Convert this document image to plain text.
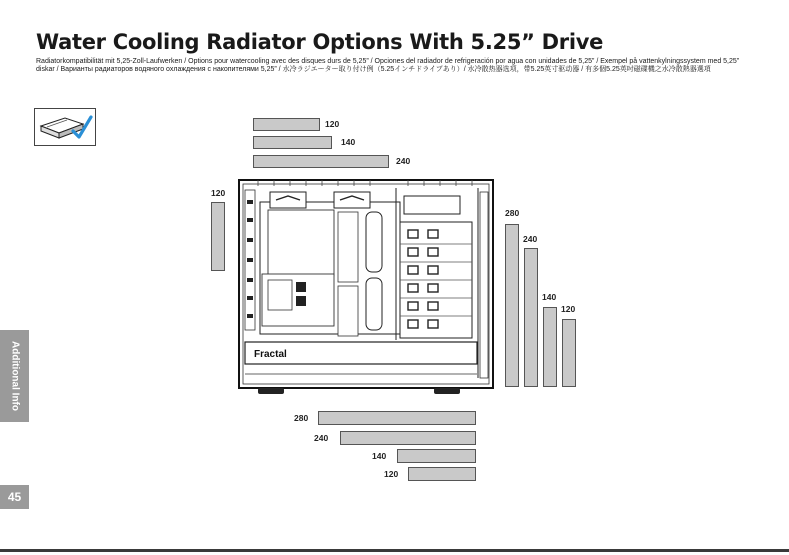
Water Cooling Radiator Options With 5.25” Drive

Radiatorkompatibilität mit 5,25-Zoll-Laufwerken / Options pour watercooling avec des disques durs de 5,25” / Opciones del radiador de refrigeración por agua con unidades de 5,25” / Exempel på vattenkylningssystem med 5,25” diskar / Варианты радиаторов водяного охлаждения с накопителями 5,25” / 水冷ラジエーター取り付け例（5.25インチドライブあり）/ 水冷散热器选项，带5.25英寸驱动器 / 有多個5.25英吋磁碟機之水冷散熱器選項

120
140
240
120
280
240
140
120
280
240
140
120
Fractal
Additional Info
45
